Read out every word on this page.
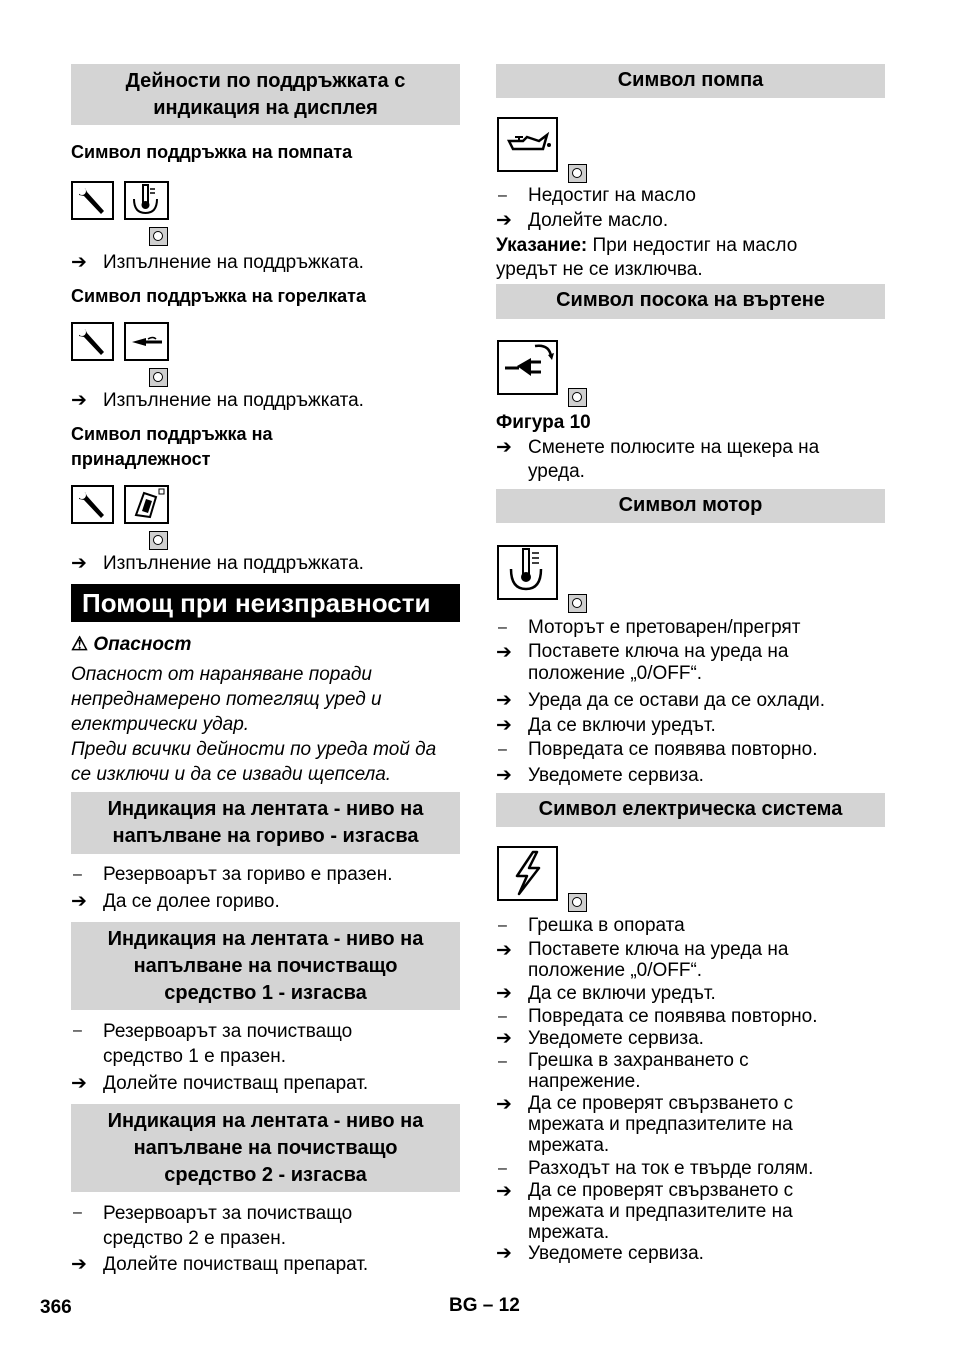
Дейности по поддръжката с
индикация на дисплея
Символ поддръжка на помпата
➔ Изпълнение на поддръжката.
Символ поддръжка на горелката
➔ Изпълнение на поддръжката.
Символ поддръжка на
принадлежност
➔ Изпълнение на поддръжката.
Помощ при неизправности
⚠ Опасност
Опасност от нараняване поради
непреднамерено потеглящ уред и
електрически удар.
Преди всички дейности по уреда той да
се изключи и да се извади щепсела.
Индикация на лентата - ниво на
напълване на гориво - изгасва
–	Резервоарът за гориво е празен.
➔ Да се долее гориво.
Индикация на лентата - ниво на
напълване на почистващо
средство 1 - изгасва
–	Резервоарът за почистващо
средство 1 е празен.
➔ Долейте почистващ препарат.
Индикация на лентата - ниво на
напълване на почистващо
средство 2 - изгасва
–	Резервоарът за почистващо
средство 2 е празен.
➔ Долейте почистващ препарат.
Символ помпа
–	Недостиг на масло
➔ Долейте масло.
Указание: При недостиг на масло
уредът не се изключва.
Символ посока на въртене
Фигура 10
➔ Сменете полюсите на щекера на
уреда.
Символ мотор
–	Моторът е претоварен/прегрят
➔ Поставете ключа на уреда на
положение „0/OFF“.
➔ Уреда да се остави да се охлади.
➔ Да се включи уредът.
–	Повредата се появява повторно.
➔ Уведомете сервиза.
Символ електрическа система
–	Грешка в опората
➔ Поставете ключа на уреда на
положение „0/OFF“.
➔ Да се включи уредът.
–	Повредата се появява повторно.
➔ Уведомете сервиза.
–	Грешка в захранването с
напрежение.
➔ Да се проверят свързването с
мрежата и предпазителите на
мрежата.
–	Разходът на ток е твърде голям.
➔ Да се проверят свързването с
мрежата и предпазителите на
мрежата.
➔ Уведомете сервиза.
366	BG – 12
